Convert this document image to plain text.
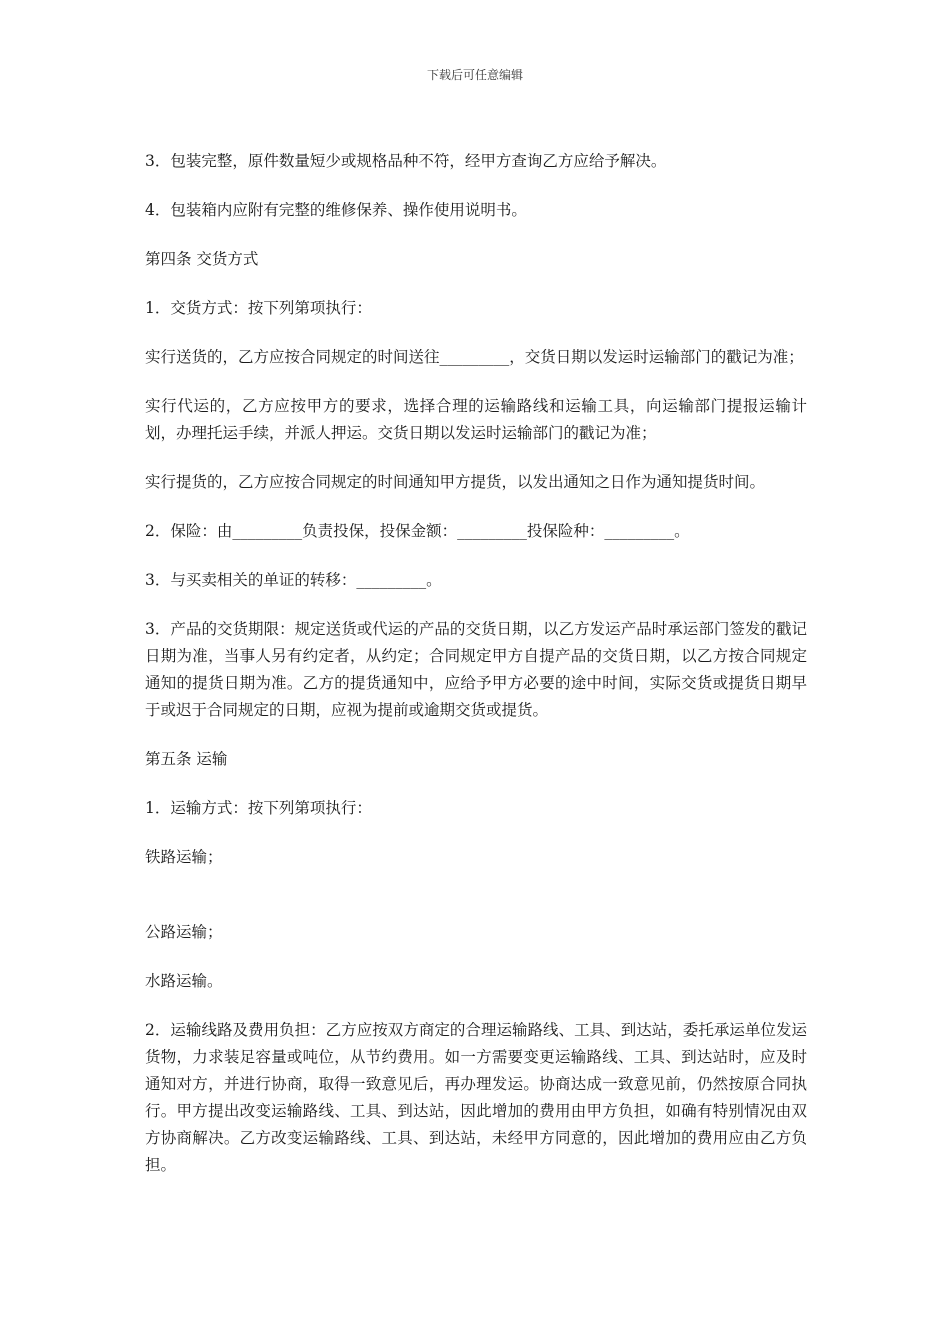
下载后可任意编辑

3．包装完整，原件数量短少或规格品种不符，经甲方查询乙方应给予解决。

4．包装箱内应附有完整的维修保养、操作使用说明书。

第四条 交货方式

1．交货方式：按下列第项执行：

实行送货的，乙方应按合同规定的时间送往_________，交货日期以发运时运输部门的戳记为准；

实行代运的，乙方应按甲方的要求，选择合理的运输路线和运输工具，向运输部门提报运输计划，办理托运手续，并派人押运。交货日期以发运时运输部门的戳记为准；

实行提货的，乙方应按合同规定的时间通知甲方提货，以发出通知之日作为通知提货时间。

2．保险：由_________负责投保，投保金额：_________投保险种：_________。

3．与买卖相关的单证的转移：_________。

3．产品的交货期限：规定送货或代运的产品的交货日期，以乙方发运产品时承运部门签发的戳记日期为准，当事人另有约定者，从约定；合同规定甲方自提产品的交货日期，以乙方按合同规定通知的提货日期为准。乙方的提货通知中，应给予甲方必要的途中时间，实际交货或提货日期早于或迟于合同规定的日期，应视为提前或逾期交货或提货。

第五条 运输

1．运输方式：按下列第项执行：

铁路运输；

公路运输；

水路运输。

2．运输线路及费用负担：乙方应按双方商定的合理运输路线、工具、到达站，委托承运单位发运货物，力求装足容量或吨位，从节约费用。如一方需要变更运输路线、工具、到达站时，应及时通知对方，并进行协商，取得一致意见后，再办理发运。协商达成一致意见前，仍然按原合同执行。甲方提出改变运输路线、工具、到达站，因此增加的费用由甲方负担，如确有特别情况由双方协商解决。乙方改变运输路线、工具、到达站，未经甲方同意的，因此增加的费用应由乙方负担。
